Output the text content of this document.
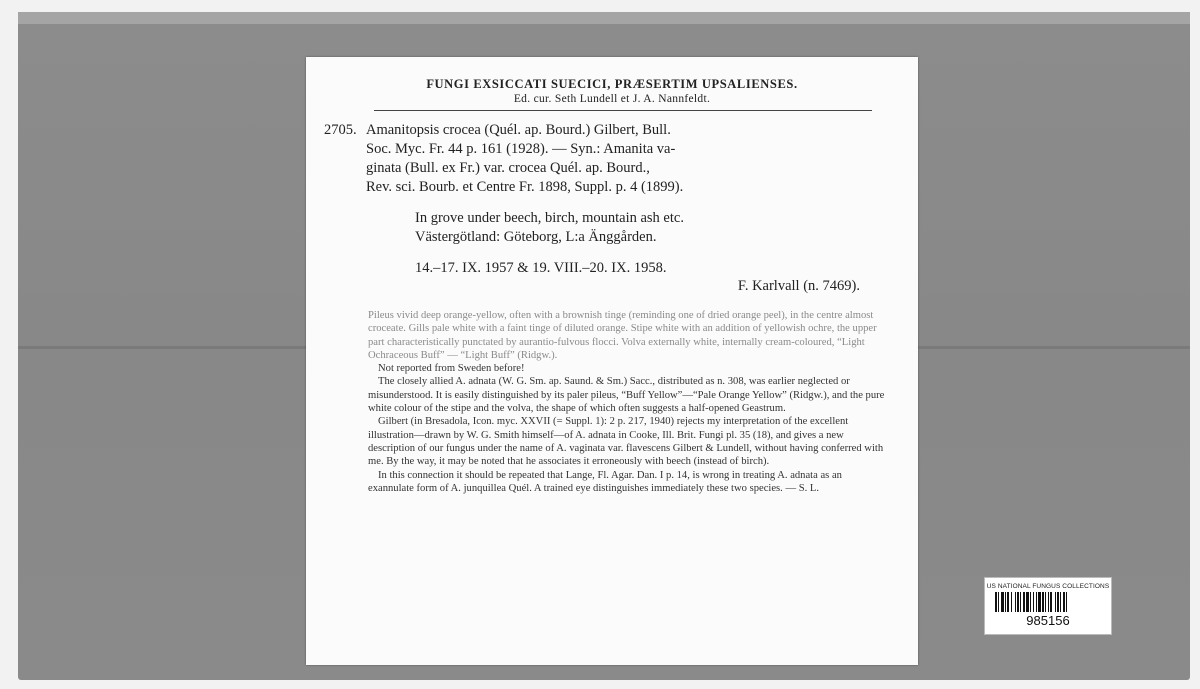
FUNGI EXSICCATI SUECICI, PRÆSERTIM UPSALIENSES.
Ed. cur. Seth Lundell et J. A. Nannfeldt.
2705. Amanitopsis crocea (Quél. ap. Bourd.) Gilbert, Bull.
Soc. Myc. Fr. 44 p. 161 (1928). — Syn.: Amanita va-
ginata (Bull. ex Fr.) var. crocea Quél. ap. Bourd.,
Rev. sci. Bourb. et Centre Fr. 1898, Suppl. p. 4 (1899).
In grove under beech, birch, mountain ash etc.
Västergötland: Göteborg, L:a Änggården.
14.–17. IX. 1957 & 19. VIII.–20. IX. 1958.
F. Karlvall (n. 7469).

Pileus vivid deep orange-yellow, often with a brownish tinge (reminding one of dried orange peel), in the centre almost crocеate. Gills pale white with a faint tinge of diluted orange. Stipe white with an addition of yellowish ochre, the upper part characteristically punctated by aurantio-fulvous flocci. Volva externally white, internally cream-coloured, “Light Ochraceous Buff” — “Light Buff” (Ridgw.).

Not reported from Sweden before!

The closely allied A. adnata (W. G. Sm. ap. Saund. & Sm.) Sacc., distributed as n. 308, was earlier neglected or misunderstood. It is easily distinguished by its paler pileus, “Buff Yellow”—“Pale Orange Yellow” (Ridgw.), and the pure white colour of the stipe and the volva, the shape of which often suggests a half-opened Geastrum.

Gilbert (in Bresadola, Icon. myc. XXVII (= Suppl. 1): 2 p. 217, 1940) rejects my interpretation of the excellent illustration—drawn by W. G. Smith himself—of A. adnata in Cooke, Ill. Brit. Fungi pl. 35 (18), and gives a new description of our fungus under the name of A. vaginata var. flavescens Gilbert & Lundell, without having conferred with me. By the way, it may be noted that he associates it erroneously with beech (instead of birch).

In this connection it should be repeated that Lange, Fl. Agar. Dan. I p. 14, is wrong in treating A. adnata as an exannulate form of A. junquillea Quél. A trained eye distinguishes immediately these two species. — S. L.

US NATIONAL FUNGUS COLLECTIONS
985156
